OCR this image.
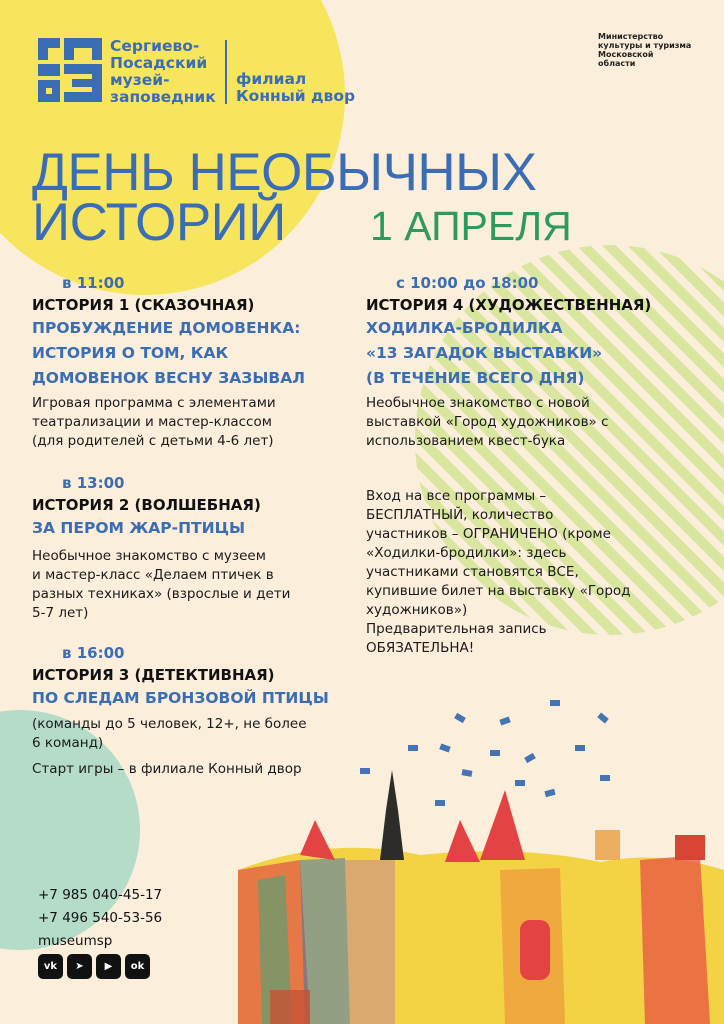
Сергиево-
Посадский
музей-
заповедник
филиал
Конный двор
Министерство
культуры и туризма
Московской
области
ДЕНЬ НЕОБЫЧНЫХ
ИСТОРИЙ	1 АПРЕЛЯ
в 11:00
ИСТОРИЯ 1 (СКАЗОЧНАЯ)
ПРОБУЖДЕНИЕ ДОМОВЕНКА:
ИСТОРИЯ О ТОМ, КАК
ДОМОВЕНОК ВЕСНУ ЗАЗЫВАЛ
Игровая программа с элементами
театрализации и мастер-классом
(для родителей с детьми 4-6 лет)
в 13:00
ИСТОРИЯ 2 (ВОЛШЕБНАЯ)
ЗА ПЕРОМ ЖАР-ПТИЦЫ
Необычное знакомство с музеем
и мастер-класс «Делаем птичек в
разных техниках» (взрослые и дети
5-7 лет)
в 16:00
ИСТОРИЯ 3 (ДЕТЕКТИВНАЯ)
ПО СЛЕДАМ БРОНЗОВОЙ ПТИЦЫ
(команды до 5 человек, 12+, не более
6 команд)
Старт игры – в филиале Конный двор
с 10:00 до 18:00
ИСТОРИЯ 4 (ХУДОЖЕСТВЕННАЯ)
ХОДИЛКА-БРОДИЛКА
«13 ЗАГАДОК ВЫСТАВКИ»
(В ТЕЧЕНИЕ ВСЕГО ДНЯ)
Необычное знакомство с новой
выставкой «Город художников» с
использованием квест-бука
Вход на все программы –
БЕСПЛАТНЫЙ, количество
участников – ОГРАНИЧЕНО (кроме
«Ходилки-бродилки»: здесь
участниками становятся ВСЕ,
купившие билет на выставку «Город
художников»)
Предварительная запись
ОБЯЗАТЕЛЬНА!
+7 985 040-45-17
+7 496 540-53-56
museumsp
vk	➤	▶	ok
